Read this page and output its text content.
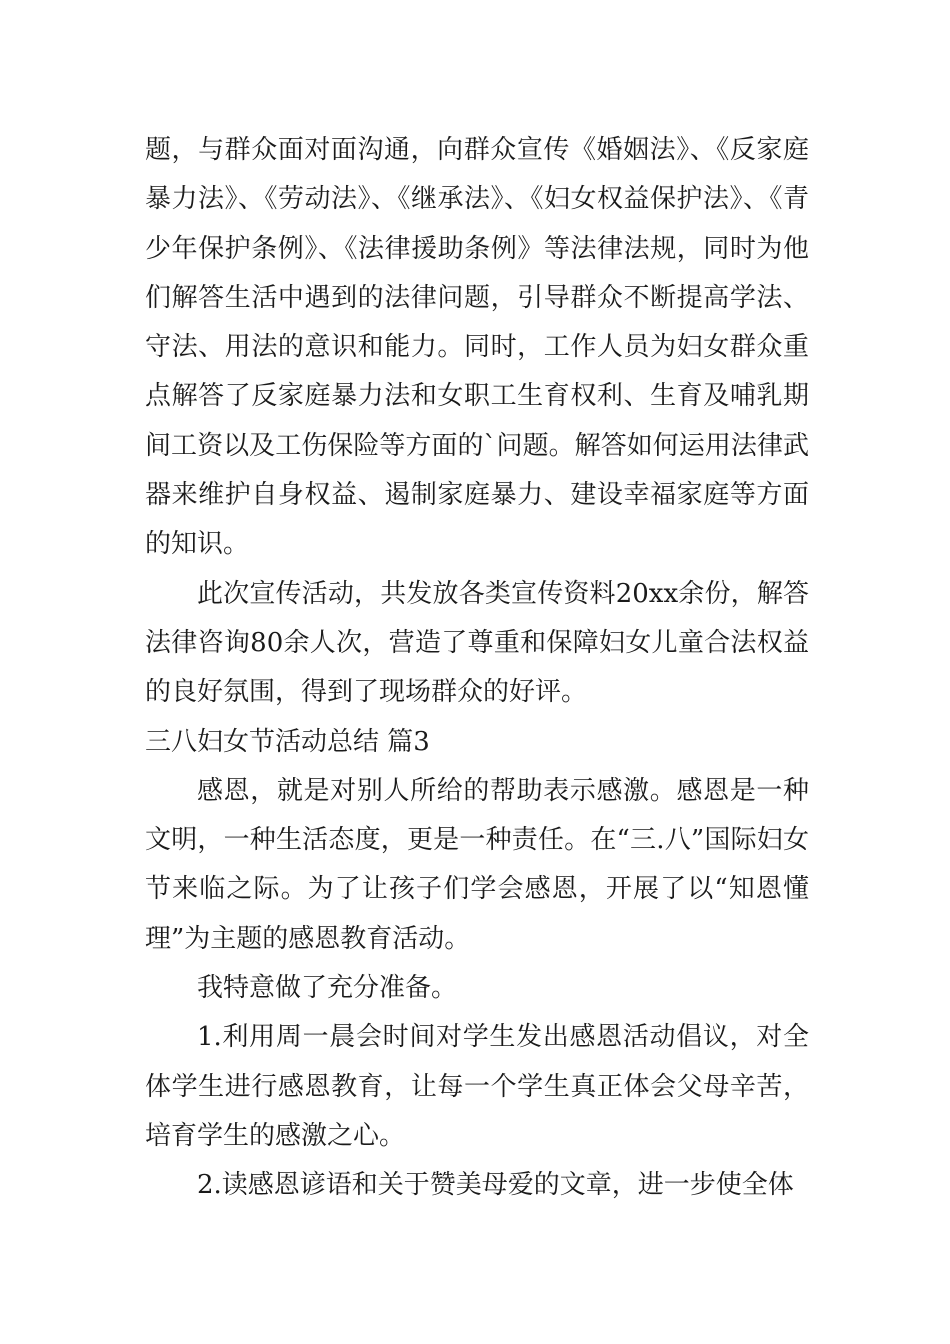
题，与群众面对面沟通，向群众宣传《婚姻法》、《反家庭暴力法》、《劳动法》、《继承法》、《妇女权益保护法》、《青少年保护条例》、《法律援助条例》等法律法规，同时为他们解答生活中遇到的法律问题，引导群众不断提高学法、守法、用法的意识和能力。同时，工作人员为妇女群众重点解答了反家庭暴力法和女职工生育权利、生育及哺乳期间工资以及工伤保险等方面的`问题。解答如何运用法律武器来维护自身权益、遏制家庭暴力、建设幸福家庭等方面的知识。

此次宣传活动，共发放各类宣传资料20xx余份，解答法律咨询80余人次，营造了尊重和保障妇女儿童合法权益的良好氛围，得到了现场群众的好评。

三八妇女节活动总结 篇3

感恩，就是对别人所给的帮助表示感激。感恩是一种文明，一种生活态度，更是一种责任。在“三.八”国际妇女节来临之际。为了让孩子们学会感恩，开展了以“知恩懂理”为主题的感恩教育活动。

我特意做了充分准备。

1.利用周一晨会时间对学生发出感恩活动倡议，对全体学生进行感恩教育，让每一个学生真正体会父母辛苦，培育学生的感激之心。

2.读感恩谚语和关于赞美母爱的文章，进一步使全体
